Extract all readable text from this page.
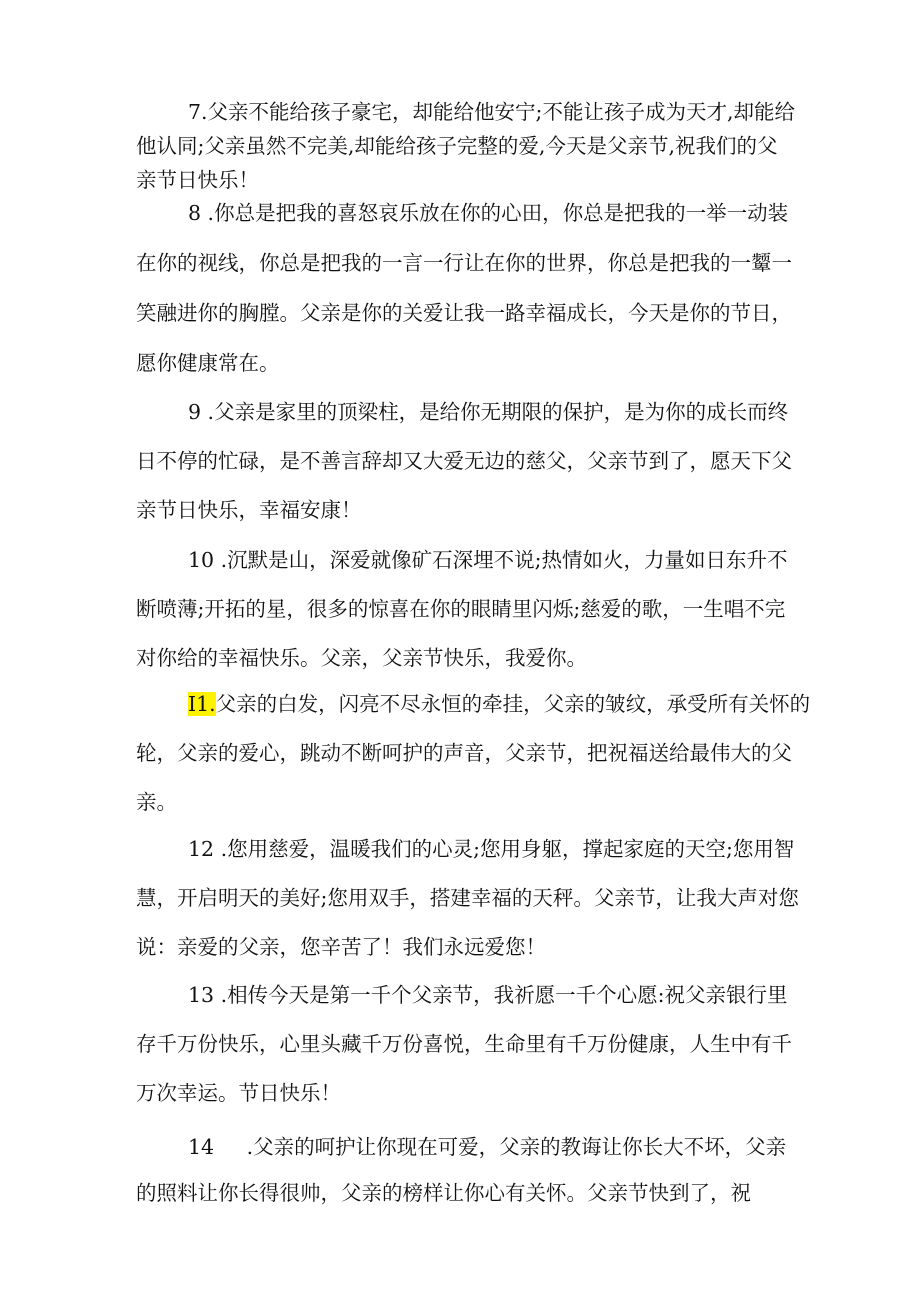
7.父亲不能给孩子豪宅，却能给他安宁;不能让孩子成为天才,却能给
他认同;父亲虽然不完美,却能给孩子完整的爱,今天是父亲节,祝我们的父
亲节日快乐！
8 .你总是把我的喜怒哀乐放在你的心田，你总是把我的一举一动装
在你的视线，你总是把我的一言一行让在你的世界，你总是把我的一颦一
笑融进你的胸膛。父亲是你的关爱让我一路幸福成长，今天是你的节日，
愿你健康常在。
9 .父亲是家里的顶梁柱，是给你无期限的保护，是为你的成长而终
日不停的忙碌，是不善言辞却又大爱无边的慈父，父亲节到了，愿天下父
亲节日快乐，幸福安康！
10 .沉默是山，深爱就像矿石深埋不说;热情如火，力量如日东升不
断喷薄;开拓的星，很多的惊喜在你的眼睛里闪烁;慈爱的歌，一生唱不完
对你给的幸福快乐。父亲，父亲节快乐，我爱你。
I1.父亲的白发，闪亮不尽永恒的牵挂，父亲的皱纹，承受所有关怀的
轮，父亲的爱心，跳动不断呵护的声音，父亲节，把祝福送给最伟大的父
亲。
12 .您用慈爱，温暖我们的心灵;您用身躯，撑起家庭的天空;您用智
慧，开启明天的美好;您用双手，搭建幸福的天秤。父亲节，让我大声对您
说：亲爱的父亲，您辛苦了！我们永远爱您！
13 .相传今天是第一千个父亲节，我祈愿一千个心愿:祝父亲银行里
存千万份快乐，心里头藏千万份喜悦，生命里有千万份健康，人生中有千
万次幸运。节日快乐！
14     .父亲的呵护让你现在可爱，父亲的教诲让你长大不坏，父亲
的照料让你长得很帅，父亲的榜样让你心有关怀。父亲节快到了，祝
